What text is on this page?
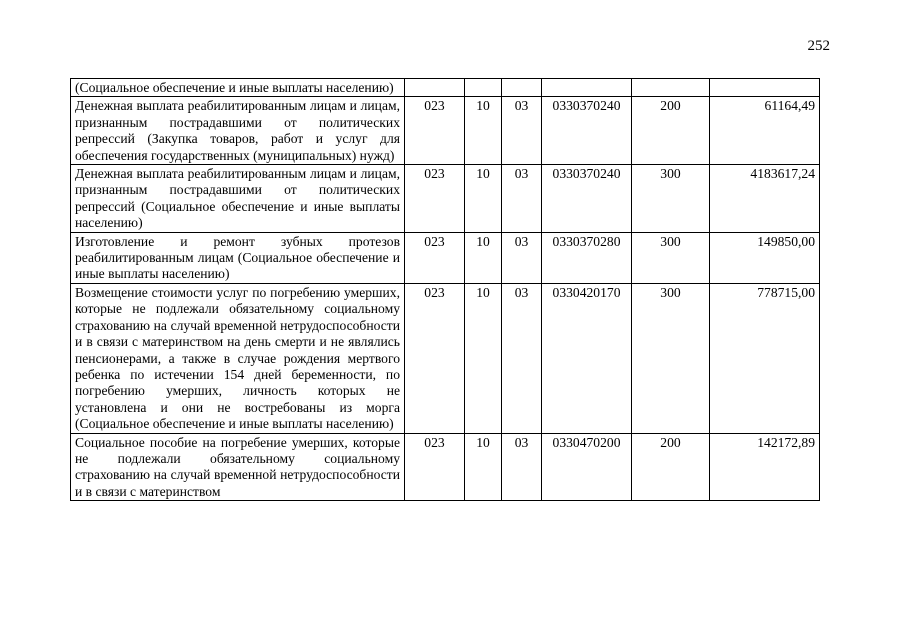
252
(Социальное обеспечение и иные выплаты населению)						
Денежная выплата реабилитированным лицам и лицам, признанным пострадавшими от политических репрессий (Закупка товаров, работ и услуг для обеспечения государственных (муниципальных) нужд)	023	10	03	0330370240	200	61164,49
Денежная выплата реабилитированным лицам и лицам, признанным пострадавшими от политических репрессий (Социальное обеспечение и иные выплаты населению)	023	10	03	0330370240	300	4183617,24
Изготовление и ремонт зубных протезов реабилитированным лицам (Социальное обеспечение и иные выплаты населению)	023	10	03	0330370280	300	149850,00
Возмещение стоимости услуг по погребению умерших, которые не подлежали обязательному социальному страхованию на случай временной нетрудоспособности и в связи с материнством на день смерти и не являлись пенсионерами, а также в случае рождения мертвого ребенка по истечении 154 дней беременности, по погребению умерших, личность которых не установлена и они не востребованы из морга (Социальное обеспечение и иные выплаты населению)	023	10	03	0330420170	300	778715,00
Социальное пособие на погребение умерших, которые не подлежали обязательному социальному страхованию на случай временной нетрудоспособности и в связи с материнством	023	10	03	0330470200	200	142172,89
